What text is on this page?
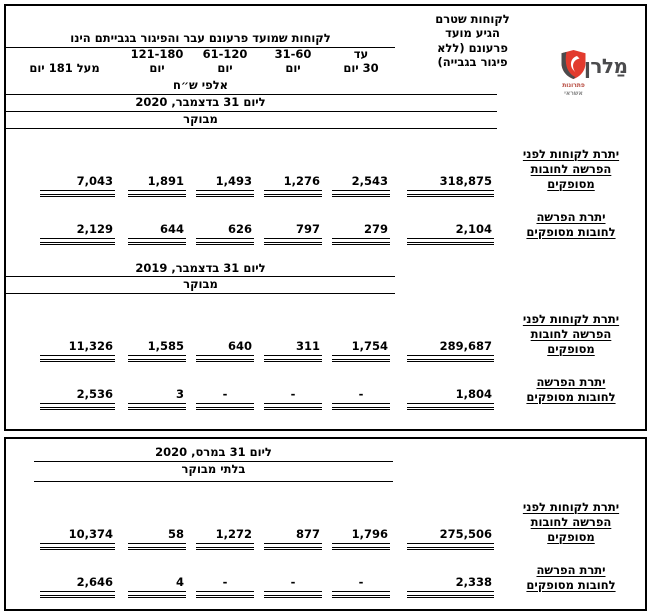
מַלרן
פתרונות
אשראי
לקוחות שטרם
הגיע מועד
פרעונם (ללא
פיגור בגבייה)
לקוחות שמועד פרעונם עבר והפיגור בגבייתם הינו
עד
30 יום
31-60
יום
61-120
יום
121-180
יום
מעל 181 יום
אלפי ש״ח
ליום 31 בדצמבר, 2020
מבוקר
יתרת לקוחות לפני
הפרשה לחובות
מסופקים
318,875
2,543
1,276
1,493
1,891
7,043
יתרת הפרשה
לחובות מסופקים
2,104
279
797
626
644
2,129
ליום 31 בדצמבר, 2019
מבוקר
יתרת לקוחות לפני
הפרשה לחובות
מסופקים
289,687
1,754
311
640
1,585
11,326
יתרת הפרשה
לחובות מסופקים
1,804
-
-
-
3
2,536
ליום 31 במרס, 2020
בלתי מבוקר
יתרת לקוחות לפני
הפרשה לחובות
מסופקים
275,506
1,796
877
1,272
58
10,374
יתרת הפרשה
לחובות מסופקים
2,338
-
-
-
4
2,646
